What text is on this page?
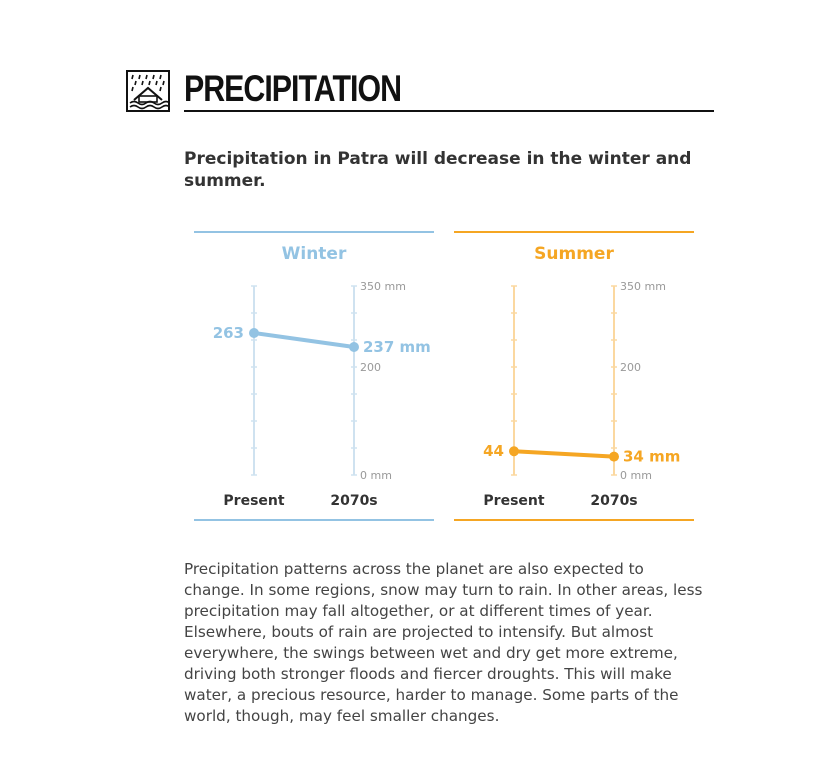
PRECIPITATION
Precipitation in Patra will decrease in the winter and summer.
Winter
350 mm
200
0 mm
Present	2070s
263
237 mm
Summer
350 mm
200
0 mm
Present	2070s
44	34 mm
Precipitation patterns across the planet are also expected to change. In some regions, snow may turn to rain. In other areas, less precipitation may fall altogether, or at different times of year. Elsewhere, bouts of rain are projected to intensify. But almost everywhere, the swings between wet and dry get more extreme, driving both stronger floods and fiercer droughts. This will make water, a precious resource, harder to manage. Some parts of the world, though, may feel smaller changes.
